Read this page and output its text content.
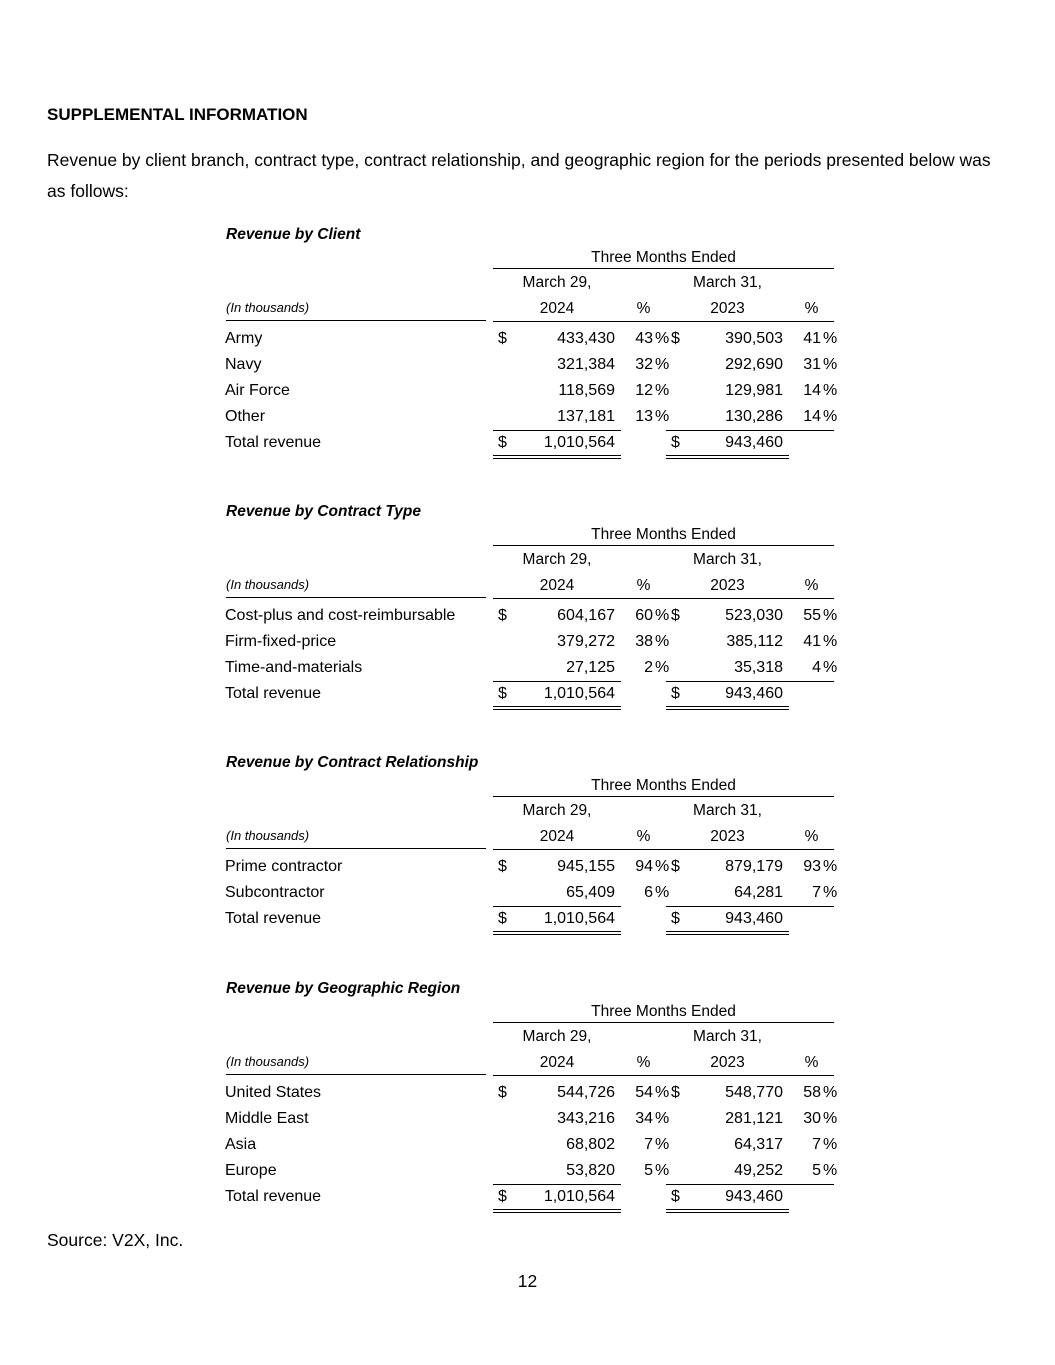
SUPPLEMENTAL INFORMATION

Revenue by client branch, contract type, contract relationship, and geographic region for the periods presented below was as follows:

Revenue by Client
Three Months Ended
March 29,	March 31,
2024	2023
%	%
(In thousands)
Army	$	433,430	43 % $	390,503	41 %
Navy	321,384	32 %	292,690	31 %
Air Force	118,569	12 %	129,981	14 %
Other	137,181	13 %	130,286	14 %
Total revenue	$	1,010,564	$	943,460
Revenue by Contract Type
Three Months Ended
March 29,	March 31,
2024	2023
%	%
(In thousands)
Cost-plus and cost-reimbursable	$	604,167	60 % $	523,030	55 %
Firm-fixed-price	379,272	38 %	385,112	41 %
Time-and-materials	27,125	2 %	35,318	4 %
Total revenue	$	1,010,564	$	943,460
Revenue by Contract Relationship
Three Months Ended
March 29,	March 31,
2024	2023
%	%
(In thousands)
Prime contractor	$	945,155	94 % $	879,179	93 %
Subcontractor	65,409	6 %	64,281	7 %
Total revenue	$	1,010,564	$	943,460
Revenue by Geographic Region
Three Months Ended
March 29,	March 31,
2024	2023
%	%
(In thousands)
United States	$	544,726	54 % $	548,770	58 %
Middle East	343,216	34 %	281,121	30 %
Asia	68,802	7 %	64,317	7 %
Europe	53,820	5 %	49,252	5 %
Total revenue	$	1,010,564	$	943,460

Source: V2X, Inc.

12
